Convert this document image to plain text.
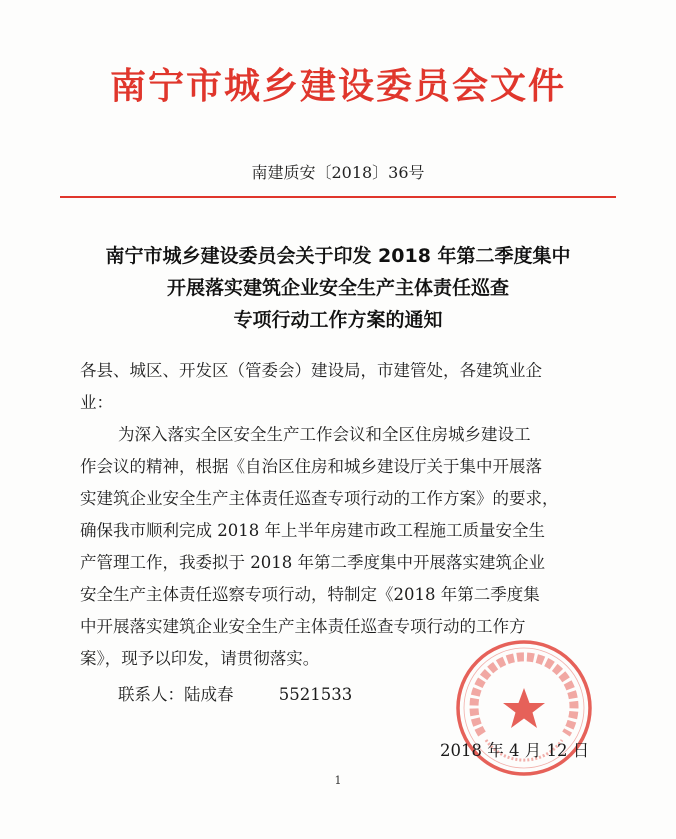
南宁市城乡建设委员会文件
南建质安〔2018〕36号
南宁市城乡建设委员会关于印发 2018 年第二季度集中
开展落实建筑企业安全生产主体责任巡查
专项行动工作方案的通知
各县、城区、开发区（管委会）建设局，市建管处，各建筑业企
业：
为深入落实全区安全生产工作会议和全区住房城乡建设工
作会议的精神，根据《自治区住房和城乡建设厅关于集中开展落
实建筑企业安全生产主体责任巡查专项行动的工作方案》的要求，
确保我市顺利完成 2018 年上半年房建市政工程施工质量安全生
产管理工作，我委拟于 2018 年第二季度集中开展落实建筑企业
安全生产主体责任巡察专项行动，特制定《2018 年第二季度集
中开展落实建筑企业安全生产主体责任巡查专项行动的工作方
案》，现予以印发，请贯彻落实。
联系人：陆成春	5521533
2018 年 4 月 12 日
1
